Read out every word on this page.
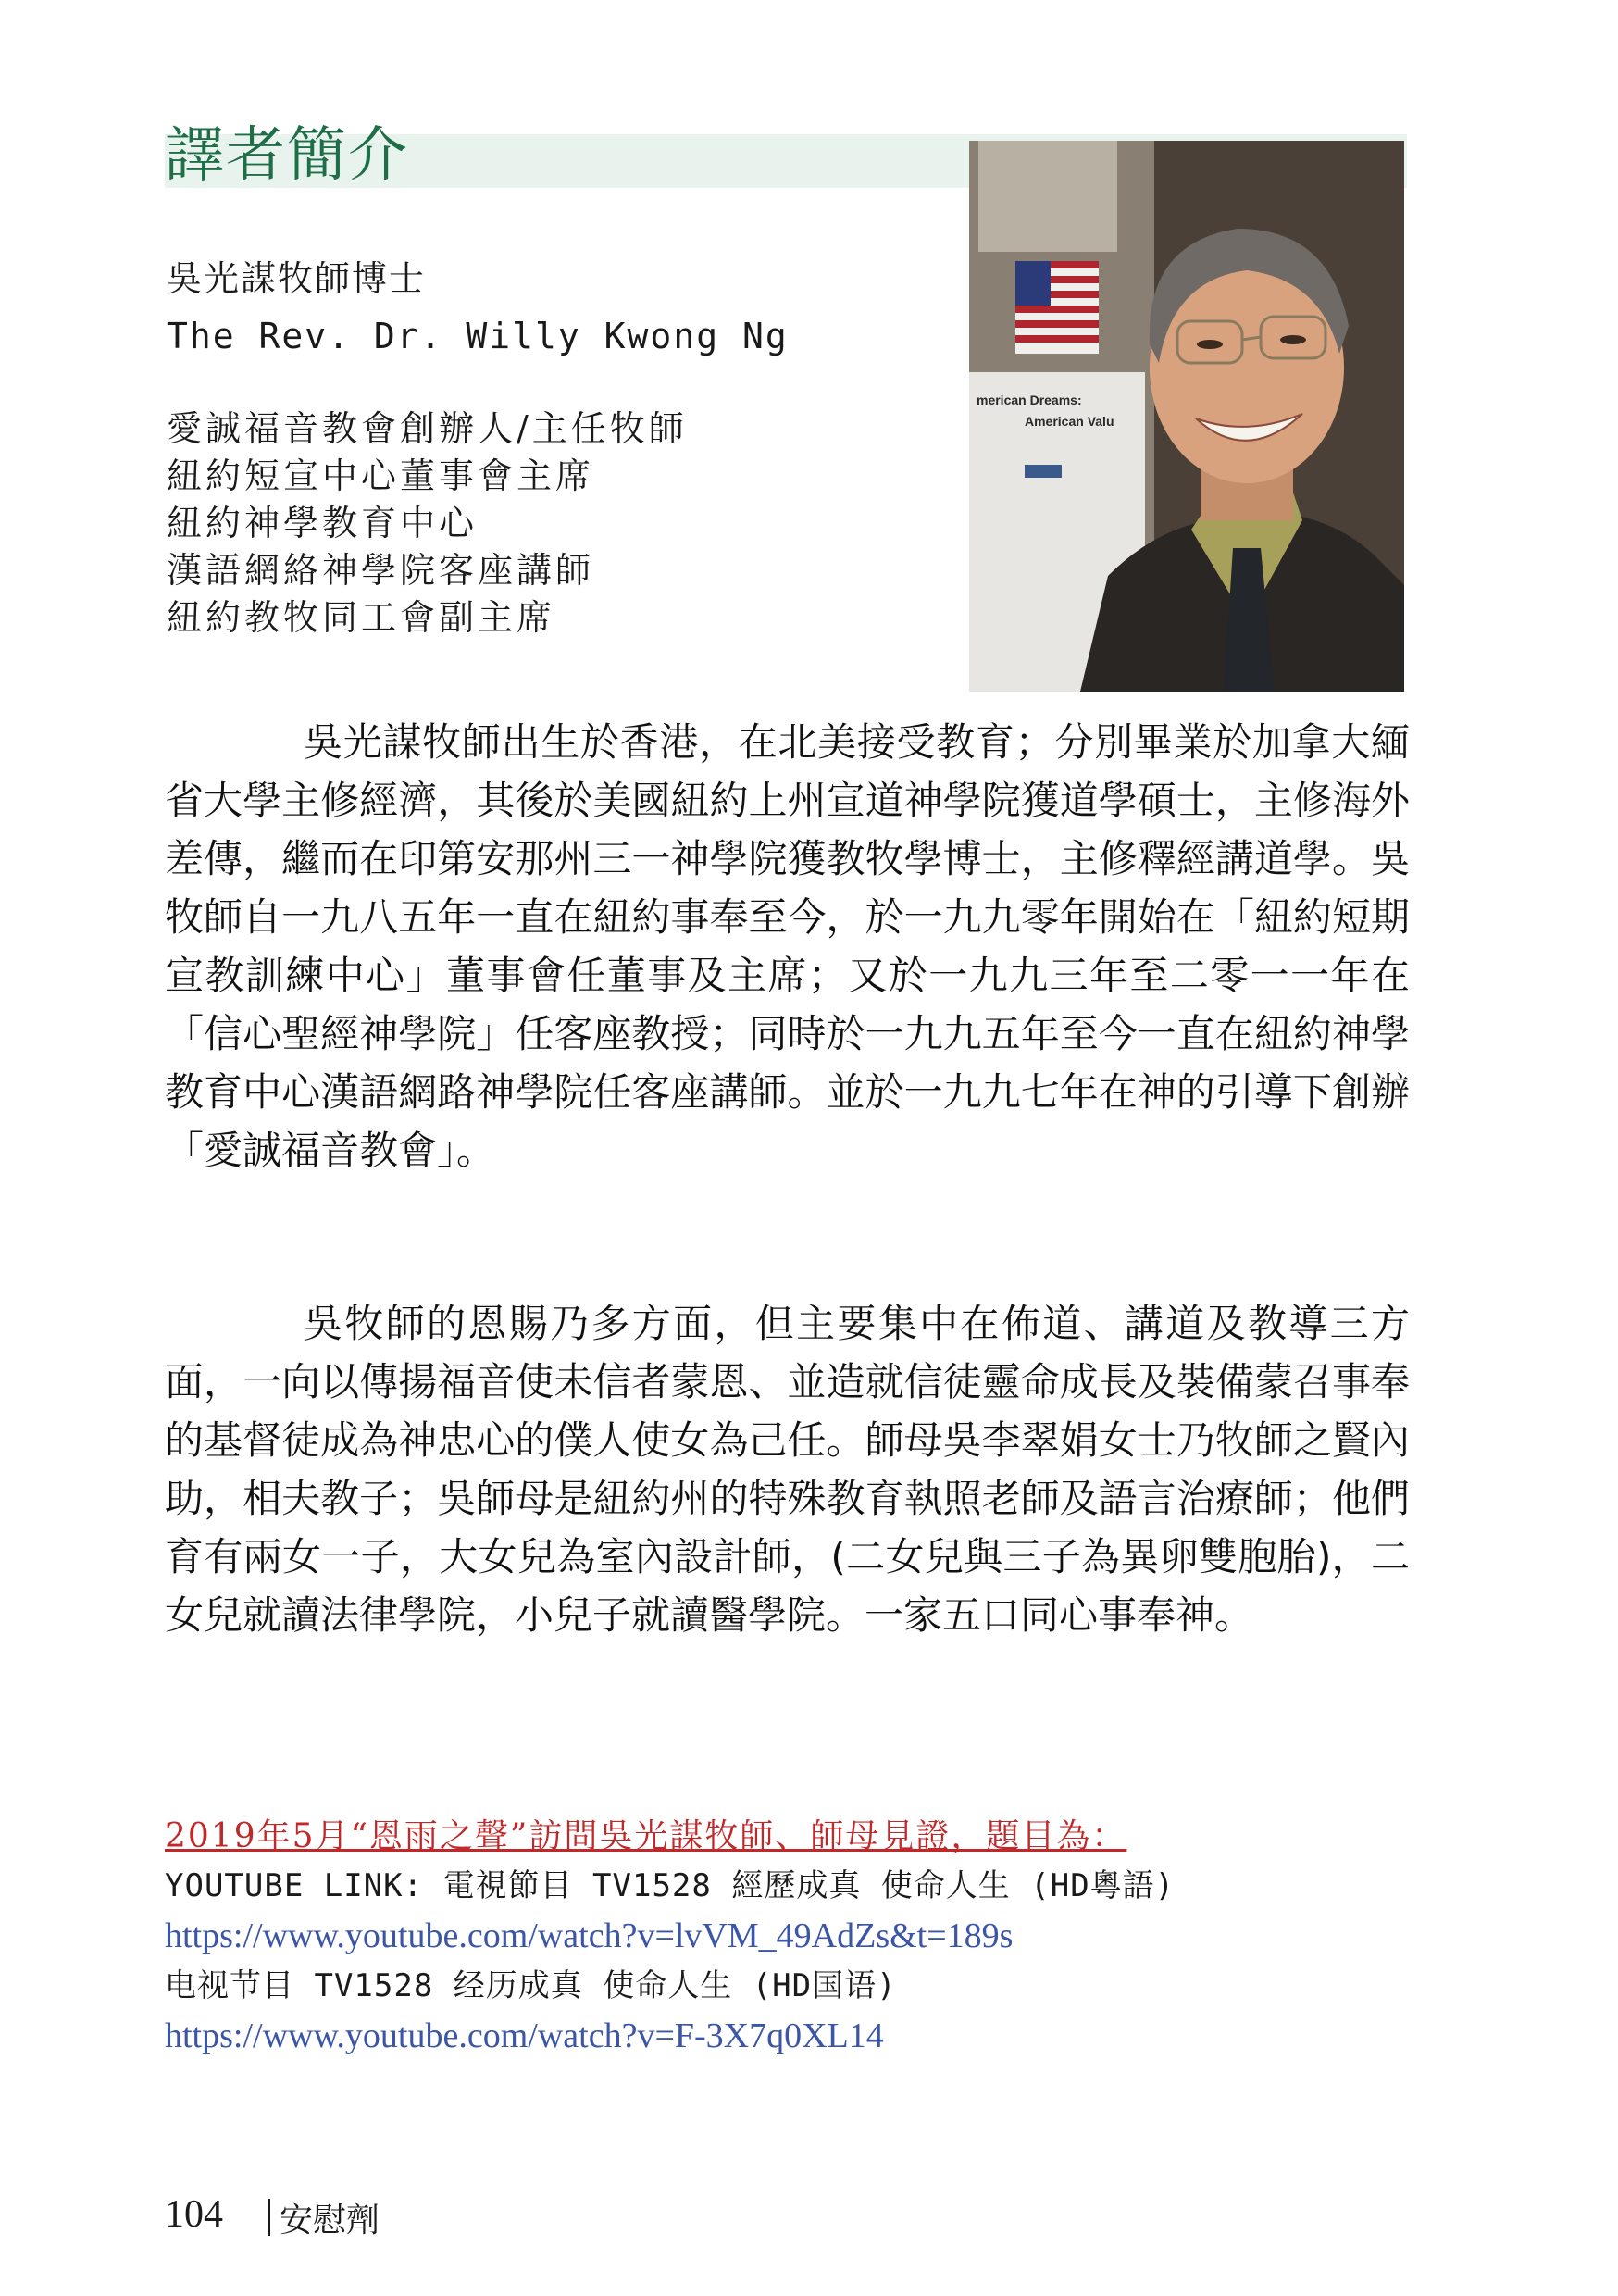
譯者簡介
merican Dreams:
American Valu
吳光謀牧師博士
The Rev. Dr. Willy Kwong Ng
愛誠福音教會創辦人/主任牧師
紐約短宣中心董事會主席
紐約神學教育中心
漢語網絡神學院客座講師
紐約教牧同工會副主席

吳光謀牧師出生於香港，在北美接受教育；分別畢業於加拿大緬省大學主修經濟，其後於美國紐約上州宣道神學院獲道學碩士，主修海外差傳，繼而在印第安那州三一神學院獲教牧學博士，主修釋經講道學。吳牧師自一九八五年一直在紐約事奉至今，於一九九零年開始在「紐約短期宣教訓練中心」董事會任董事及主席；又於一九九三年至二零一一年在「信心聖經神學院」任客座教授；同時於一九九五年至今一直在紐約神學教育中心漢語網路神學院任客座講師。並於一九九七年在神的引導下創辦「愛誠福音教會」。

吳牧師的恩賜乃多方面，但主要集中在佈道、講道及教導三方面，一向以傳揚福音使未信者蒙恩、並造就信徒靈命成長及裝備蒙召事奉的基督徒成為神忠心的僕人使女為己任。師母吳李翠娟女士乃牧師之賢內助，相夫教子；吳師母是紐約州的特殊教育執照老師及語言治療師；他們育有兩女一子，大女兒為室內設計師，(二女兒與三子為異卵雙胞胎)，二女兒就讀法律學院，小兒子就讀醫學院。一家五口同心事奉神。

2019年5月“恩雨之聲”訪問吳光謀牧師、師母見證，題目為：
YOUTUBE LINK: 電視節目 TV1528 經歷成真 使命人生 (HD粵語)
https://www.youtube.com/watch?v=lvVM_49AdZs&t=189s
电视节目 TV1528 经历成真 使命人生 (HD国语)
https://www.youtube.com/watch?v=F-3X7q0XL14
104 安慰劑
